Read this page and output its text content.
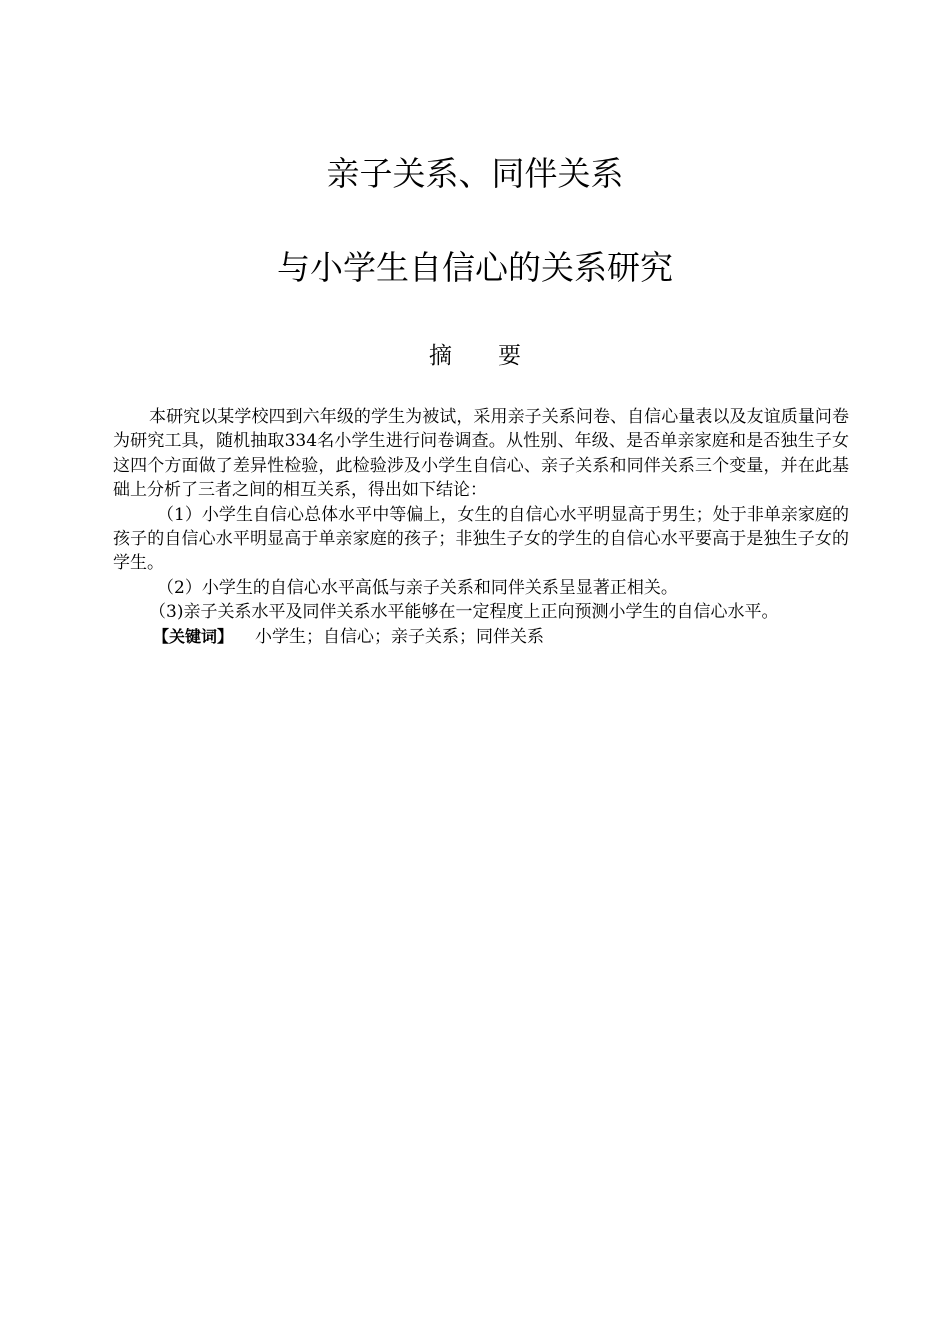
亲子关系、同伴关系
与小学生自信心的关系研究
摘　　要

本研究以某学校四到六年级的学生为被试，采用亲子关系问卷、自信心量表以及友谊质量问卷为研究工具，随机抽取334名小学生进行问卷调查。从性别、年级、是否单亲家庭和是否独生子女这四个方面做了差异性检验，此检验涉及小学生自信心、亲子关系和同伴关系三个变量，并在此基础上分析了三者之间的相互关系，得出如下结论：

（1）小学生自信心总体水平中等偏上，女生的自信心水平明显高于男生；处于非单亲家庭的孩子的自信心水平明显高于单亲家庭的孩子；非独生子女的学生的自信心水平要高于是独生子女的学生。

（2）小学生的自信心水平高低与亲子关系和同伴关系呈显著正相关。

（3)亲子关系水平及同伴关系水平能够在一定程度上正向预测小学生的自信心水平。

【关键词】 小学生；自信心；亲子关系；同伴关系
